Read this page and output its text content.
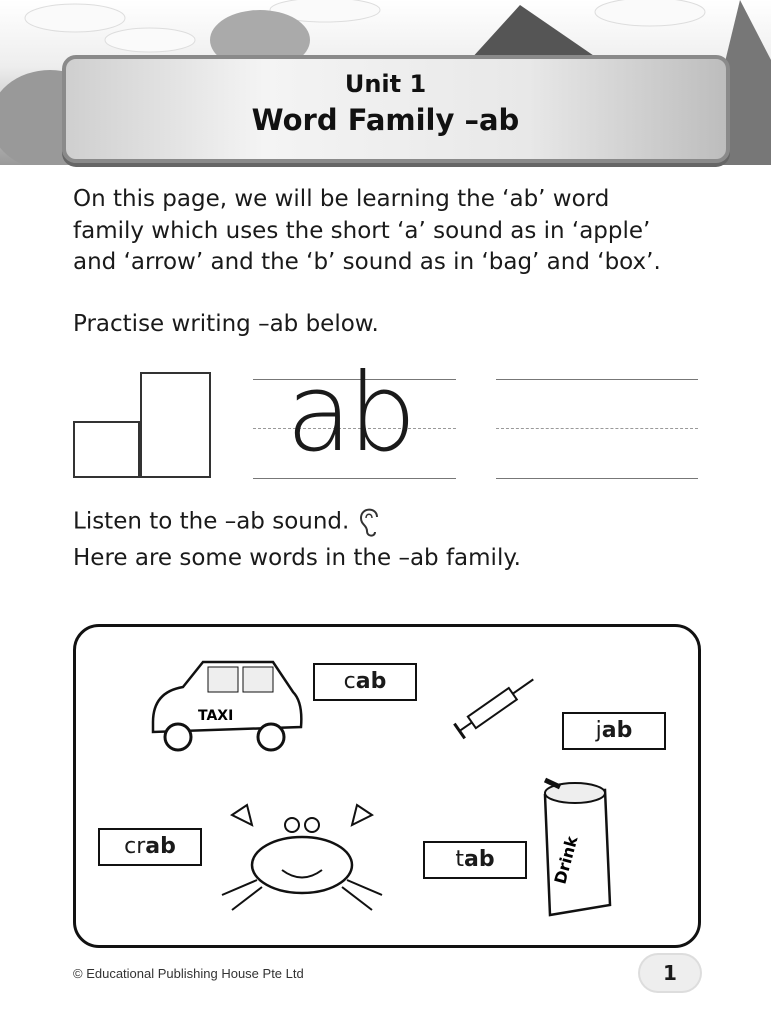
Unit 1
Word Family –ab
On this page, we will be learning the ‘ab’ word
family which uses the short ‘a’ sound as in ‘apple’
and ‘arrow’ and the ‘b’ sound as in ‘bag’ and ‘box’.
Practise writing –ab below.
ab
Listen to the –ab sound.
Here are some words in the –ab family.
TAXI
cab
jab
crab	Drink
tab
© Educational Publishing House Pte Ltd	1
